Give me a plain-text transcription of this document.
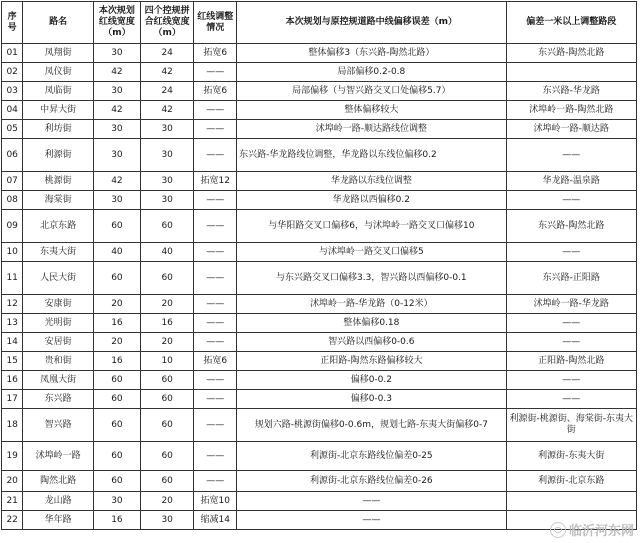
序号	路名	本次规划红线宽度（m）	四个控规拼合红线宽度（m）	红线调整情况	本次规划与原控规道路中线偏移误差（m）	偏差一米以上调整路段
01	凤翔街	30	24	拓宽6	整体偏移3（东兴路-陶然北路）	东兴路-陶然北路
02	凤仪街	42	42	——	局部偏移0.2-0.8	
03	凤临街	30	24	拓宽6	局部偏移（与智兴路交叉口处偏移5.7）	东兴路-华龙路
04	中昇大街	42	42	——	整体偏移较大	沭埠岭一路-陶然北路
05	利坊街	30	30	——	沭埠岭一路-顺达路线位调整	沭埠岭一路-顺达路
06	利源街	30	30	——	东兴路-华龙路线位调整，华龙路以东线位偏移0.2	——
07	桃源街	42	30	拓宽12	华龙路以东线位调整	华龙路-温泉路
08	海棠街	30	30	——	华龙路以西偏移0.2	——
09	北京东路	60	60	——	与华阳路交叉口偏移6，与沭埠岭一路交叉口偏移10	东兴路-陶然北路
10	东夷大街	40	40	——	与沭埠岭一路交叉口偏移5	——
11	人民大街	60	60	——	与东兴路交叉口偏移3.3，智兴路以西偏移0-0.1	东兴路-正阳路
12	安康街	20	20	——	沭埠岭一路-华龙路（0-12米）	沭埠岭一路-华龙路
13	光明街	16	16	——	整体偏移0.18	——
14	安居街	20	20	——	智兴路以西偏移0-0.6	——
15	贵和街	16	10	拓宽6	正阳路-陶然东路偏移较大	正阳路-陶然北路
16	凤凰大街	60	60	——	偏移0-0.2	——
17	东兴路	60	60	——	偏移0-0.3	——
18	智兴路	60	60	——	规划六路-桃源街偏移0-0.6m，规划七路-东夷大街偏移0-7	利源街-桃源街、海棠街-东夷大街
19	沭埠岭一路	60	60	——	利源街-北京东路线位偏差0-25	利源街-东夷大街
20	陶然北路	60	60	——	利源街-北京东路线位偏差0-26	利源街-北京东路
21	龙山路	30	20	拓宽10	——	
22	华年路	16	30	缩减14	——	
临沂河东网
